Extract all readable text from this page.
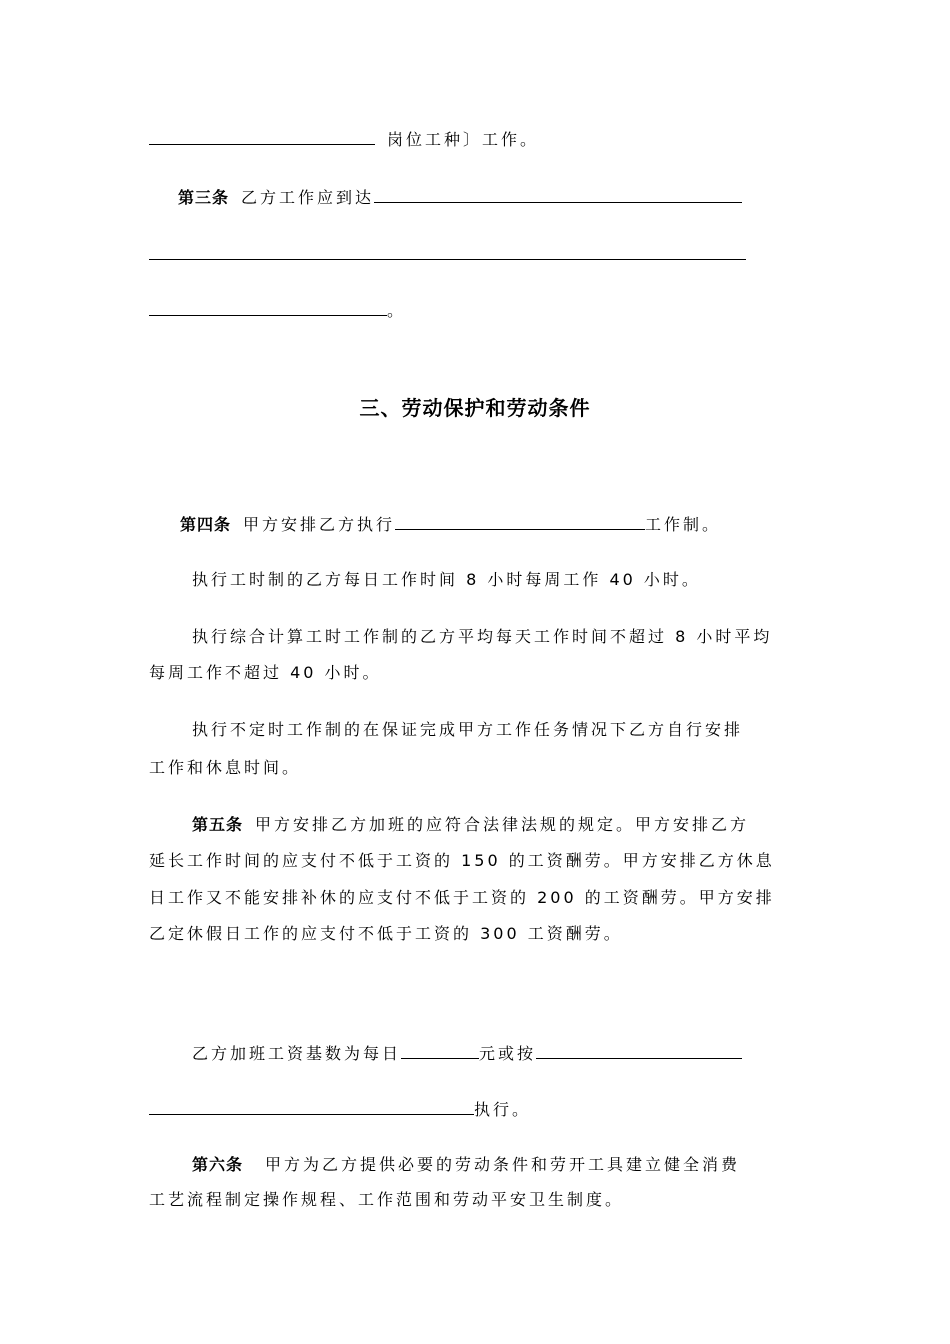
岗位工种〕工作。
第三条 乙方工作应到达
。
三、劳动保护和劳动条件
第四条 甲方安排乙方执行	工作制。
执行工时制的乙方每日工作时间 8 小时每周工作 40 小时。
执行综合计算工时工作制的乙方平均每天工作时间不超过 8 小时平均
每周工作不超过 40 小时。
执行不定时工作制的在保证完成甲方工作任务情况下乙方自行安排
工作和休息时间。
第五条 甲方安排乙方加班的应符合法律法规的规定。甲方安排乙方
延长工作时间的应支付不低于工资的 150 的工资酬劳。甲方安排乙方休息
日工作又不能安排补休的应支付不低于工资的 200 的工资酬劳。甲方安排
乙定休假日工作的应支付不低于工资的 300 工资酬劳。
乙方加班工资基数为每日	元或按
执行。
第六条 甲方为乙方提供必要的劳动条件和劳开工具建立健全消费
工艺流程制定操作规程、工作范围和劳动平安卫生制度。
